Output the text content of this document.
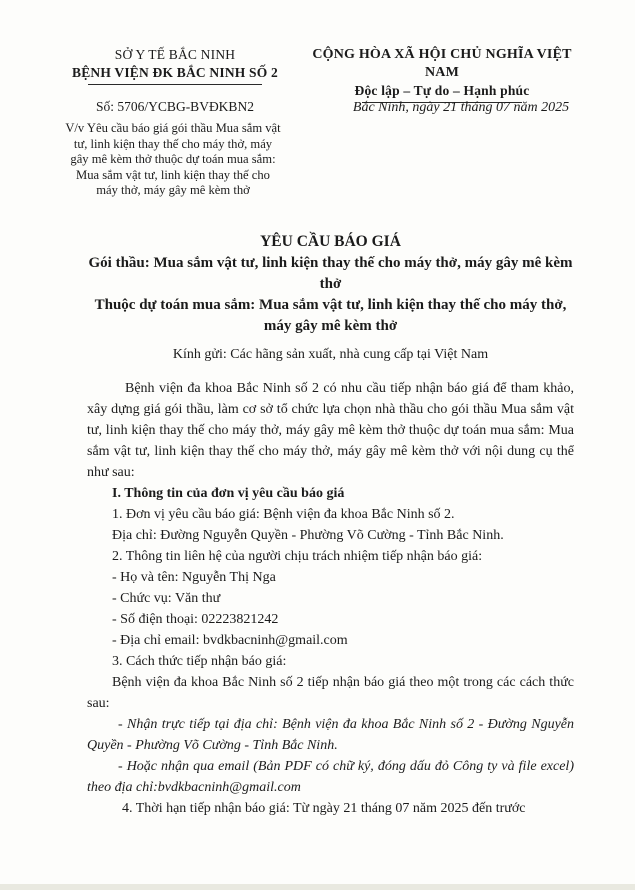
SỞ Y TẾ BẮC NINH
BỆNH VIỆN ĐK BẮC NINH SỐ 2
CỘNG HÒA XÃ HỘI CHỦ NGHĨA VIỆT NAM
Độc lập – Tự do – Hạnh phúc
Số: 5706/YCBG-BVĐKBN2	Bắc Ninh, ngày 21 tháng 07 năm 2025
V/v Yêu cầu báo giá gói thầu Mua sắm vật tư, linh kiện thay thế cho máy thở, máy gây mê kèm thở thuộc dự toán mua sắm: Mua sắm vật tư, linh kiện thay thế cho máy thở, máy gây mê kèm thở
YÊU CẦU BÁO GIÁ
Gói thầu: Mua sắm vật tư, linh kiện thay thế cho máy thở, máy gây mê kèm thở
Thuộc dự toán mua sắm: Mua sắm vật tư, linh kiện thay thế cho máy thở, máy gây mê kèm thở
Kính gửi: Các hãng sản xuất, nhà cung cấp tại Việt Nam

Bệnh viện đa khoa Bắc Ninh số 2 có nhu cầu tiếp nhận báo giá để tham khảo, xây dựng giá gói thầu, làm cơ sở tổ chức lựa chọn nhà thầu cho gói thầu Mua sắm vật tư, linh kiện thay thế cho máy thở, máy gây mê kèm thở thuộc dự toán mua sắm: Mua sắm vật tư, linh kiện thay thế cho máy thở, máy gây mê kèm thở với nội dung cụ thể như sau:

I. Thông tin của đơn vị yêu cầu báo giá
1. Đơn vị yêu cầu báo giá: Bệnh viện đa khoa Bắc Ninh số 2.
Địa chỉ: Đường Nguyễn Quyền - Phường Võ Cường - Tỉnh Bắc Ninh.
2. Thông tin liên hệ của người chịu trách nhiệm tiếp nhận báo giá:
- Họ và tên: Nguyễn Thị Nga
- Chức vụ: Văn thư
- Số điện thoại: 02223821242
- Địa chỉ email: bvdkbacninh@gmail.com
3. Cách thức tiếp nhận báo giá:

Bệnh viện đa khoa Bắc Ninh số 2 tiếp nhận báo giá theo một trong các cách thức sau:

- Nhận trực tiếp tại địa chỉ: Bệnh viện đa khoa Bắc Ninh số 2 - Đường Nguyễn Quyền - Phường Võ Cường - Tỉnh Bắc Ninh.

- Hoặc nhận qua email (Bản PDF có chữ ký, đóng dấu đỏ Công ty và file excel) theo địa chỉ:bvdkbacninh@gmail.com

4. Thời hạn tiếp nhận báo giá: Từ ngày 21 tháng 07 năm 2025 đến trước
